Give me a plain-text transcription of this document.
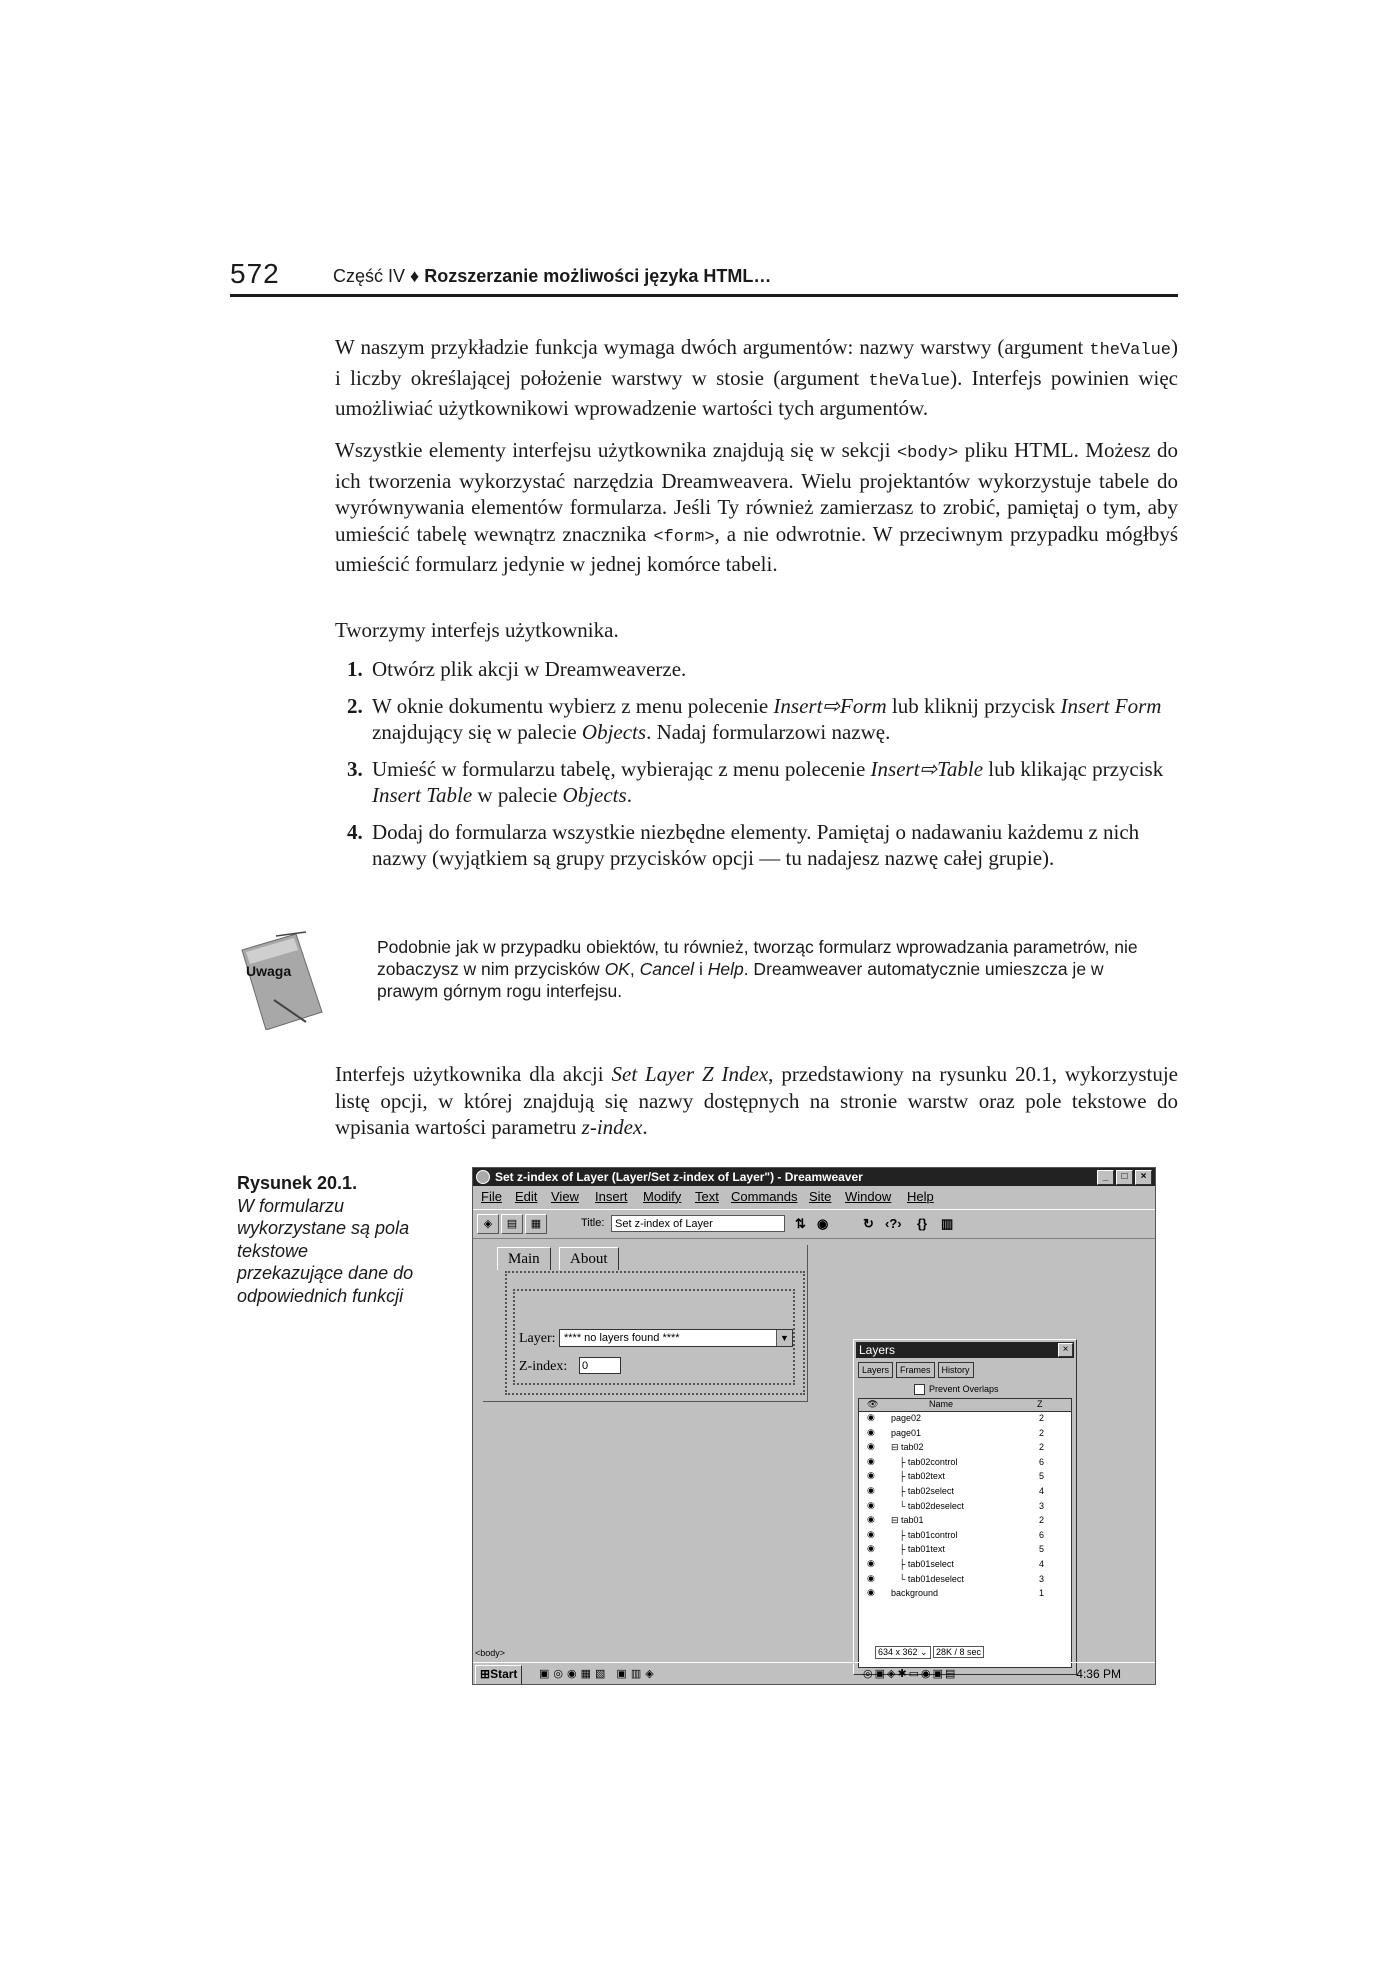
572	Część IV ♦ Rozszerzanie możliwości języka HTML…

W naszym przykładzie funkcja wymaga dwóch argumentów: nazwy warstwy (argument theValue) i liczby określającej położenie warstwy w stosie (argument theValue). Interfejs powinien więc umożliwiać użytkownikowi wprowadzenie wartości tych argumentów.

Wszystkie elementy interfejsu użytkownika znajdują się w sekcji <body> pliku HTML. Możesz do ich tworzenia wykorzystać narzędzia Dreamweavera. Wielu projektantów wykorzystuje tabele do wyrównywania elementów formularza. Jeśli Ty również zamierzasz to zrobić, pamiętaj o tym, aby umieścić tabelę wewnątrz znacznika <form>, a nie odwrotnie. W przeciwnym przypadku mógłbyś umieścić formularz jedynie w jednej komórce tabeli.

Tworzymy interfejs użytkownika.

1. Otwórz plik akcji w Dreamweaverze.
2. W oknie dokumentu wybierz z menu polecenie Insert⇨Form lub kliknij przycisk Insert Form znajdujący się w palecie Objects. Nadaj formularzowi nazwę.
3. Umieść w formularzu tabelę, wybierając z menu polecenie Insert⇨Table lub klikając przycisk Insert Table w palecie Objects.
4. Dodaj do formularza wszystkie niezbędne elementy. Pamiętaj o nadawaniu każdemu z nich nazwy (wyjątkiem są grupy przycisków opcji — tu nadajesz nazwę całej grupie).
Uwaga

Podobnie jak w przypadku obiektów, tu również, tworząc formularz wprowadzania parametrów, nie zobaczysz w nim przycisków OK, Cancel i Help. Dreamweaver automatycznie umieszcza je w prawym górnym rogu interfejsu.

Interfejs użytkownika dla akcji Set Layer Z Index, przedstawiony na rysunku 20.1, wykorzystuje listę opcji, w której znajdują się nazwy dostępnych na stronie warstw oraz pole tekstowe do wpisania wartości parametru z-index.

Rysunek 20.1.
W formularzu wykorzystane są pola tekstowe przekazujące dane do odpowiednich funkcji

Set z-index of Layer (Layer/Set z-index of Layer") - Dreamweaver	_	□	×
File Edit View Insert Modify Text Commands Site Window Help
◈	▤	▦	Title: Set z-index of Layer	⇅ ◉	↻ ‹?› {} ▥
Main	About
Layer: **** no layers found ****	▼
Z-index: 0
Layers	×
Layers	Frames	History
Prevent Overlaps
👁	Name	Z
◉ page02	2
◉ page01	2
◉ ⊟ tab02	2
◉	├ tab02control	6
◉	├ tab02text	5
◉	├ tab02select	4
◉	└ tab02deselect	3
◉ ⊟ tab01	2
◉	├ tab01control	6
◉	├ tab01text	5
◉	├ tab01select	4
◉	└ tab01deselect	3
◉ background	1
<body>	634 x 362 ⌄ 28K / 8 sec
⊞Start	▣◎◉▦▧ ▣▥◈	◎▣◈✱▭◉▣▤	4:36 PM
